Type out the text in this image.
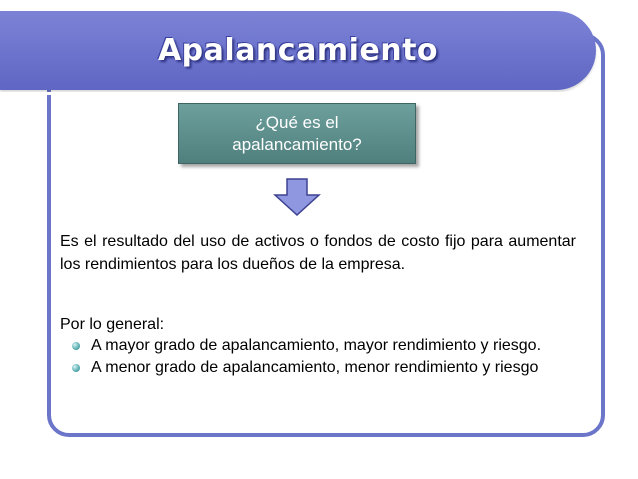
Apalancamiento
¿Qué es el
apalancamiento?

Es el resultado del uso de activos o fondos de costo fijo para aumentar los rendimientos para los dueños de la empresa.

Por lo general:

A mayor grado de apalancamiento, mayor rendimiento y riesgo.
A menor grado de apalancamiento, menor rendimiento y riesgo
